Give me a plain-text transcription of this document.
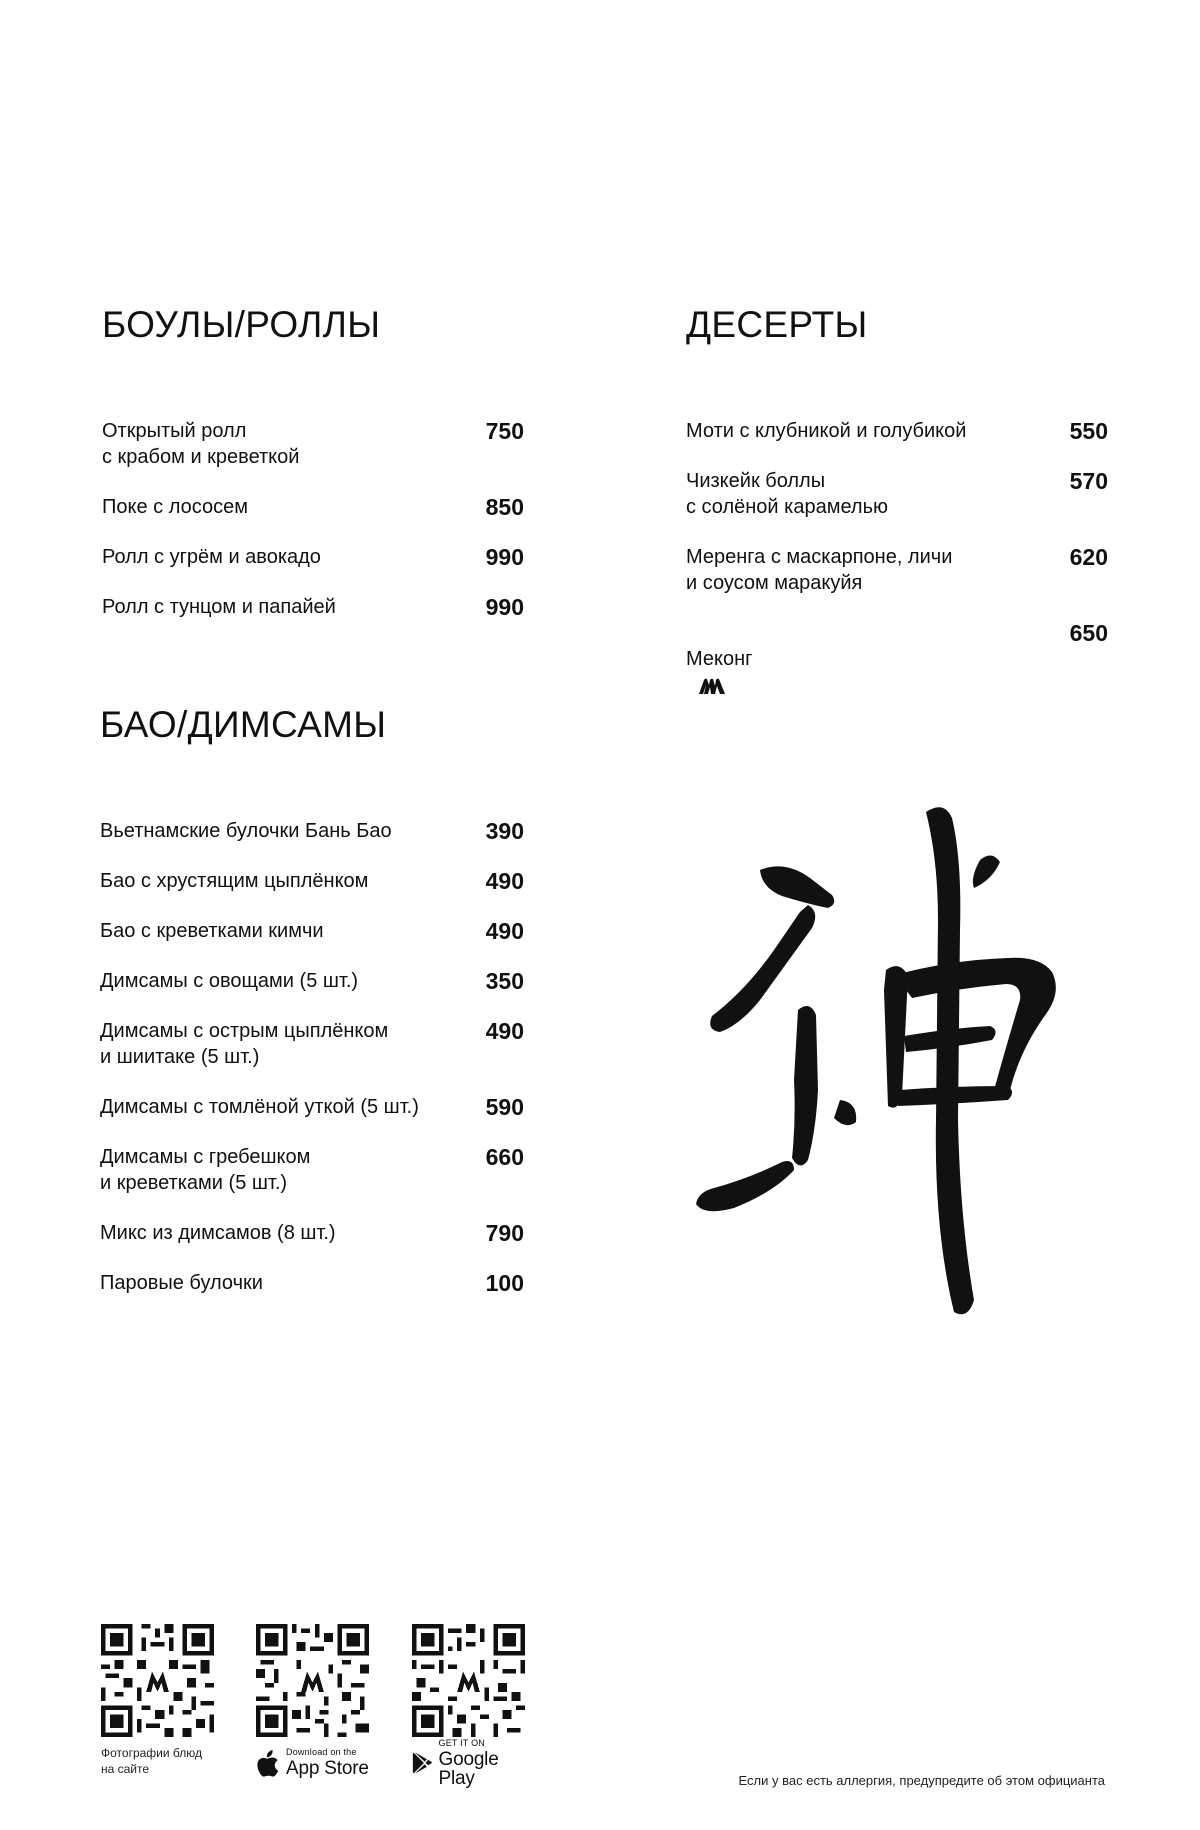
БОУЛЫ/РОЛЛЫ
Открытый ролл
с крабом и креветкой
750
Поке с лососем	850
Ролл с угрём и авокадо	990
Ролл с тунцом и папайей	990
ДЕСЕРТЫ
Моти с клубникой и голубикой	550
Чизкейк боллы
с солёной карамелью
570
Меренга с маскарпоне, личи
и соусом маракуйя
620

Меконг

650
БАО/ДИМСАМЫ
Вьетнамские булочки Бань Бао	390
Бао с хрустящим цыплёнком	490
Бао с креветками кимчи	490
Димсамы с овощами (5 шт.)	350
Димсамы с острым цыплёнком
и шиитаке (5 шт.)
490
Димсамы с томлёной уткой (5 шт.)	590
Димсамы с гребешком
и креветками (5 шт.)
660
Микс из димсамов (8 шт.)	790
Паровые булочки	100
Фотографии блюд
на сайте
Download on the
App Store
GET IT ON
Google Play	Если у вас есть аллергия, предупредите об этом официанта
